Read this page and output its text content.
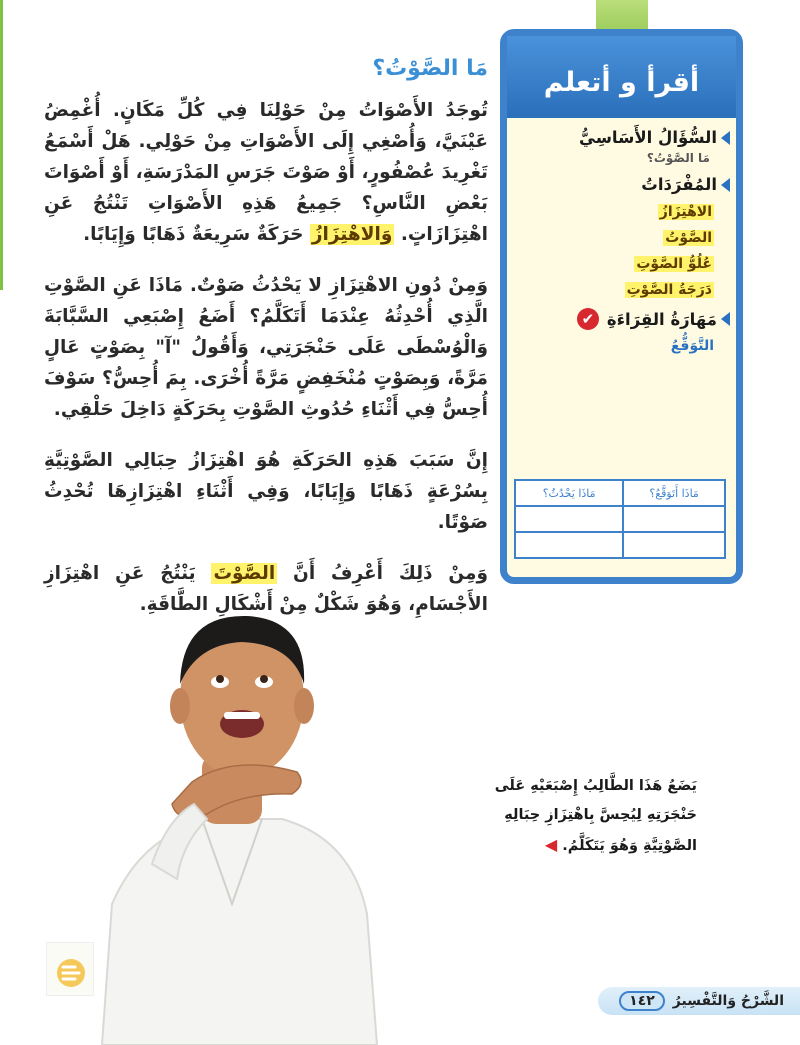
مَا الصَّوْتُ؟

تُوجَدُ الأَصْوَاتُ مِنْ حَوْلِنَا فِي كُلِّ مَكَانٍ. أُغْمِضُ عَيْنَيَّ، وَأُصْغِي إِلَى الأَصْوَاتِ مِنْ حَوْلِي. هَلْ أَسْمَعُ تَغْرِيدَ عُصْفُورٍ، أَوْ صَوْتَ جَرَسِ المَدْرَسَةِ، أَوْ أَصْوَاتَ بَعْضِ النَّاسِ؟ جَمِيعُ هَذِهِ الأَصْوَاتِ تَنْتُجُ عَنِ اهْتِزَازَاتٍ. وَالاهْتِزَازُ حَرَكَةٌ سَرِيعَةٌ ذَهَابًا وَإِيَابًا.

وَمِنْ دُونِ الاهْتِزَازِ لا يَحْدُثُ صَوْتٌ. مَاذَا عَنِ الصَّوْتِ الَّذِي أُحْدِثُهُ عِنْدَمَا أَتَكَلَّمُ؟ أَضَعُ إِصْبَعِي السَّبَّابَةَ وَالْوُسْطَى عَلَى حَنْجَرَتِي، وَأَقُولُ "آ" بِصَوْتٍ عَالٍ مَرَّةً، وَبِصَوْتٍ مُنْخَفِضٍ مَرَّةً أُخْرَى. بِمَ أُحِسُّ؟ سَوْفَ أُحِسُّ فِي أَثْنَاءِ حُدُوثِ الصَّوْتِ بِحَرَكَةٍ دَاخِلَ حَلْقِي.

إِنَّ سَبَبَ هَذِهِ الحَرَكَةِ هُوَ اهْتِزَازُ حِبَالِي الصَّوْتِيَّةِ بِسُرْعَةٍ ذَهَابًا وَإِيَابًا، وَفِي أَثْنَاءِ اهْتِزَازِهَا تُحْدِثُ صَوْتًا.

وَمِنْ ذَلِكَ أَعْرِفُ أَنَّ الصَّوْتَ يَنْتُجُ عَنِ اهْتِزَازِ الأَجْسَامِ، وَهُوَ شَكْلٌ مِنْ أَشْكَالِ الطَّاقَةِ.

أقرأ و أتعلم
السُّؤَالُ الأَسَاسِيُّ
مَا الصَّوْتُ؟
المُفْرَدَاتُ
الاهْتِزَازُ
الصَّوْتُ
عُلُوُّ الصَّوْتِ
دَرَجَةُ الصَّوْتِ
مَهَارَةُ القِرَاءَةِ
✔
التَّوَقُّعُ
مَاذَا أَتَوَقَّعُ؟	مَاذَا يَحْدُثُ؟

يَضَعُ هَذَا الطَّالِبُ إِصْبَعَيْهِ عَلَى حَنْجَرَتِهِ لِيُحِسَّ بِاهْتِزَازِ حِبَالِهِ الصَّوْتِيَّةِ وَهُوَ يَتَكَلَّمُ. ◀
الشَّرْحُ وَالتَّفْسِيرُ
١٤٢
